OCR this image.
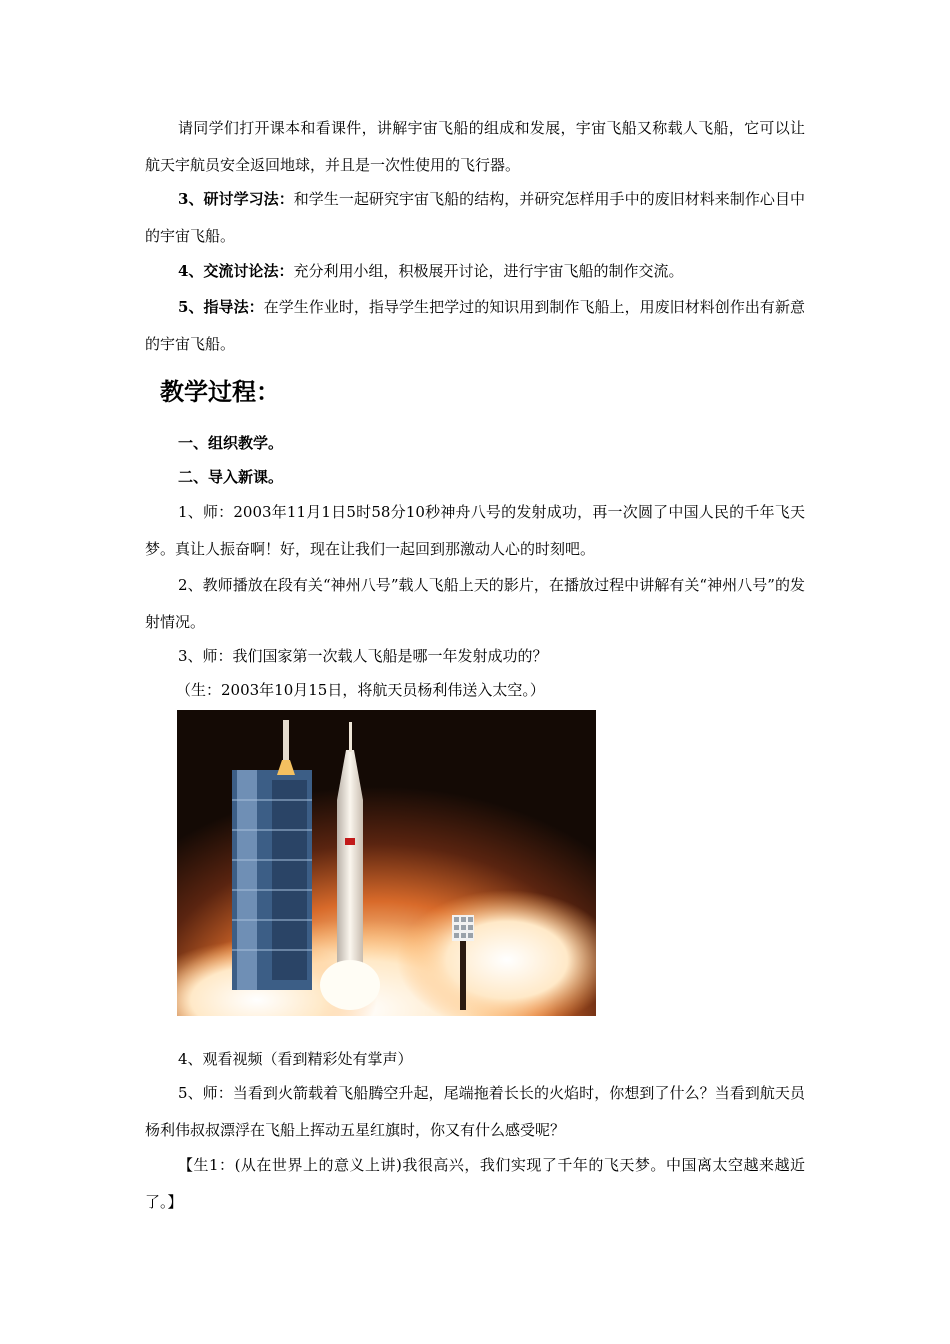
请同学们打开课本和看课件，讲解宇宙飞船的组成和发展，宇宙飞船又称载人飞船，它可以让航天宇航员安全返回地球，并且是一次性使用的飞行器。
3、研讨学习法：和学生一起研究宇宙飞船的结构，并研究怎样用手中的废旧材料来制作心目中的宇宙飞船。
4、交流讨论法：充分利用小组，积极展开讨论，进行宇宙飞船的制作交流。
5、指导法：在学生作业时，指导学生把学过的知识用到制作飞船上，用废旧材料创作出有新意的宇宙飞船。
教学过程：
一、组织教学。
二、导入新课。
1、师：2003年11月1日5时58分10秒神舟八号的发射成功，再一次圆了中国人民的千年飞天梦。真让人振奋啊！好，现在让我们一起回到那激动人心的时刻吧。
2、教师播放在段有关“神州八号”载人飞船上天的影片，在播放过程中讲解有关“神州八号”的发射情况。
3、师：我们国家第一次载人飞船是哪一年发射成功的？
（生：2003年10月15日，将航天员杨利伟送入太空。）
4、观看视频（看到精彩处有掌声）
5、师：当看到火箭载着飞船腾空升起，尾端拖着长长的火焰时，你想到了什么？当看到航天员杨利伟叔叔漂浮在飞船上挥动五星红旗时，你又有什么感受呢？
【生1：(从在世界上的意义上讲)我很高兴，我们实现了千年的飞天梦。中国离太空越来越近了。】
